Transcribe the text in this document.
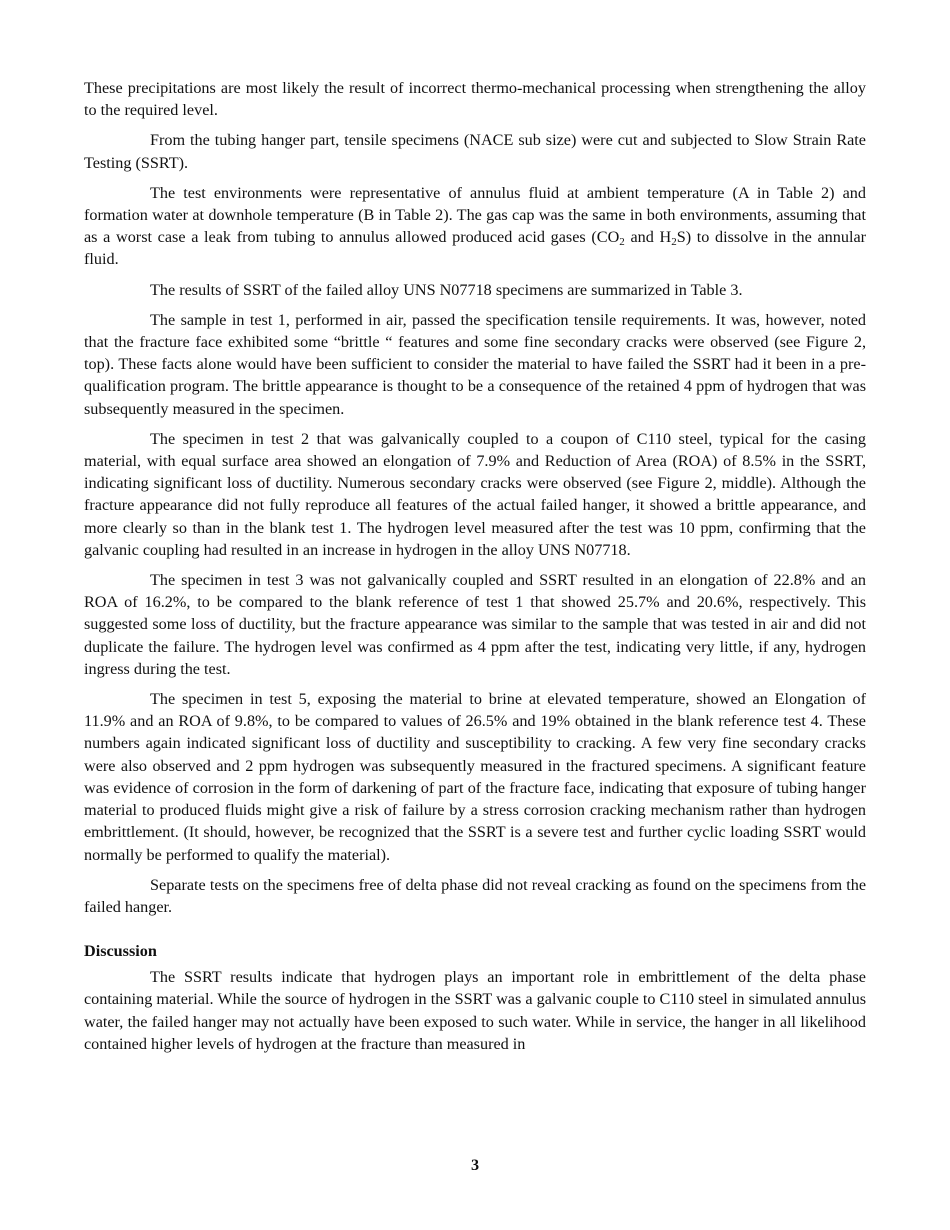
These precipitations are most likely the result of incorrect thermo-mechanical processing when strengthening the alloy to the required level.

From the tubing hanger part, tensile specimens (NACE sub size) were cut and subjected to Slow Strain Rate Testing (SSRT).

The test environments were representative of annulus fluid at ambient temperature (A in Table 2) and formation water at downhole temperature (B in Table 2). The gas cap was the same in both environments, assuming that as a worst case a leak from tubing to annulus allowed produced acid gases ($CO_2$ and $H_2S$) to dissolve in the annular fluid.

The results of SSRT of the failed alloy UNS N07718 specimens are summarized in Table 3.

The sample in test 1, performed in air, passed the specification tensile requirements. It was, however, noted that the fracture face exhibited some “brittle “ features and some fine secondary cracks were observed (see Figure 2, top). These facts alone would have been sufficient to consider the material to have failed the SSRT had it been in a pre-qualification program. The brittle appearance is thought to be a consequence of the retained 4 ppm of hydrogen that was subsequently measured in the specimen.

The specimen in test 2 that was galvanically coupled to a coupon of C110 steel, typical for the casing material, with equal surface area showed an elongation of 7.9% and Reduction of Area (ROA) of 8.5% in the SSRT, indicating significant loss of ductility. Numerous secondary cracks were observed (see Figure 2, middle). Although the fracture appearance did not fully reproduce all features of the actual failed hanger, it showed a brittle appearance, and more clearly so than in the blank test 1. The hydrogen level measured after the test was 10 ppm, confirming that the galvanic coupling had resulted in an increase in hydrogen in the alloy UNS N07718.

The specimen in test 3 was not galvanically coupled and SSRT resulted in an elongation of 22.8% and an ROA of 16.2%, to be compared to the blank reference of test 1 that showed 25.7% and 20.6%, respectively. This suggested some loss of ductility, but the fracture appearance was similar to the sample that was tested in air and did not duplicate the failure. The hydrogen level was confirmed as 4 ppm after the test, indicating very little, if any, hydrogen ingress during the test.

The specimen in test 5, exposing the material to brine at elevated temperature, showed an Elongation of 11.9% and an ROA of 9.8%, to be compared to values of 26.5% and 19% obtained in the blank reference test 4. These numbers again indicated significant loss of ductility and susceptibility to cracking. A few very fine secondary cracks were also observed and 2 ppm hydrogen was subsequently measured in the fractured specimens. A significant feature was evidence of corrosion in the form of darkening of part of the fracture face, indicating that exposure of tubing hanger material to produced fluids might give a risk of failure by a stress corrosion cracking mechanism rather than hydrogen embrittlement. (It should, however, be recognized that the SSRT is a severe test and further cyclic loading SSRT would normally be performed to qualify the material).

Separate tests on the specimens free of delta phase did not reveal cracking as found on the specimens from the failed hanger.

Discussion

The SSRT results indicate that hydrogen plays an important role in embrittlement of the delta phase containing material. While the source of hydrogen in the SSRT was a galvanic couple to C110 steel in simulated annulus water, the failed hanger may not actually have been exposed to such water. While in service, the hanger in all likelihood contained higher levels of hydrogen at the fracture than measured in

3
